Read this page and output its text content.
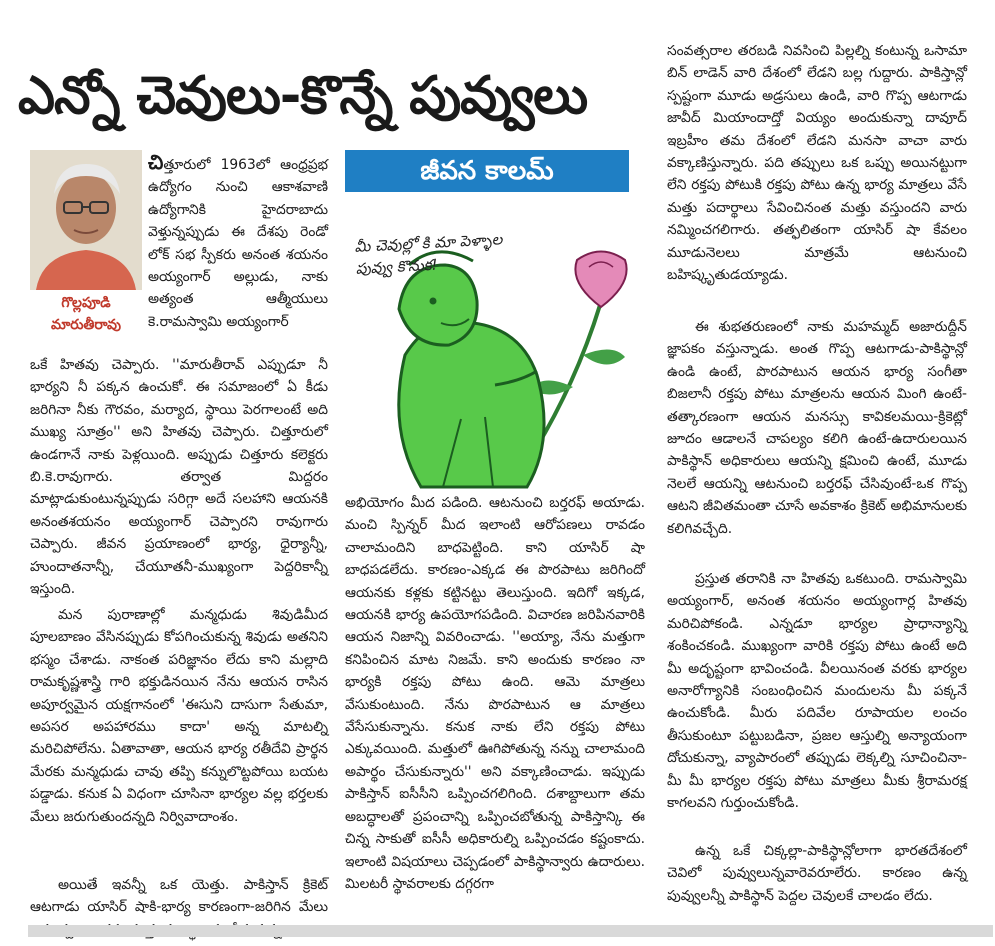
ఎన్నో చెవులు-కొన్నే పువ్వులు
గొల్లపూడి మారుతీరావు
జీవన కాలమ్
మీ చెవుల్లో కి మా పెళ్ళాల పువ్వు కొనుక!
చిత్తూరులో 1963లో ఆంధ్రప్రభ ఉద్యోగం నుంచి ఆకాశవాణి ఉద్యోగానికి హైదరాబాదు వెళ్తున్నప్పుడు ఈ దేశపు రెండో లోక్ సభ స్పీకరు అనంత శయనం అయ్యంగార్ అల్లుడు, నాకు అత్యంత ఆత్మీయులు కె.రామస్వామి అయ్యంగార్
ఒకే హితవు చెప్పారు. ''మారుతీరావ్ ఎప్పుడూ నీ భార్యని నీ పక్కన ఉంచుకో. ఈ సమాజంలో ఏ కీడు జరిగినా నీకు గౌరవం, మర్యాద, స్థాయి పెరగాలంటే అది ముఖ్య సూత్రం'' అని హితవు చెప్పారు. చిత్తూరులో ఉండగానే నాకు పెళ్లయింది. అప్పుడు చిత్తూరు కలెక్టరు బి.కె.రావుగారు. తర్వాత మిద్దరం మాట్లాడుకుంటున్నప్పుడు సరిగ్గా అదే సలహాని ఆయనకి అనంతశయనం అయ్యంగార్ చెప్పారని రావుగారు చెప్పారు. జీవన ప్రయాణంలో భార్య, ధైర్యాన్నీ, హుందాతనాన్నీ, చేయూతనీ-ముఖ్యంగా పెద్దరికాన్నీ ఇస్తుంది.
మన పురాణాల్లో మన్మధుడు శివుడిమీద పూలబాణం వేసినప్పుడు కోపగించుకున్న శివుడు అతనిని భస్మం చేశాడు. నాకంత పరిజ్ఞానం లేదు కాని మల్లాది రామకృష్ణశాస్త్రి గారి భక్తుడినయిన నేను ఆయన రాసిన అపూర్వమైన యక్షగానంలో 'ఈసుని దాసుగా సేతుమా, అపసర అపహారము కాదా' అన్న మాటల్ని మరిచిపోలేను. ఏతావాతా, ఆయన భార్య రతీదేవి ప్రార్థన మేరకు మన్మధుడు చావు తప్పి కన్నులొట్టపోయి బయట పడ్డాడు. కనుక ఏ విధంగా చూసినా భార్యల వల్ల భర్తలకు మేలు జరుగుతుందన్నది నిర్వివాదాంశం.
అయితే ఇవన్నీ ఒక యెత్తు. పాకిస్తాన్ క్రికెట్ ఆటగాడు యాసిర్ షాకి-భార్య కారణంగా-జరిగిన మేలు
అభియోగం మీద పడింది. ఆటనుంచి బర్తరఫ్ అయాడు. మంచి స్పిన్నర్ మీద ఇలాంటి ఆరోపణలు రావడం చాలామందిని బాధపెట్టింది. కాని యాసిర్ షా బాధపడలేదు. కారణం-ఎక్కడ ఈ పొరపాటు జరిగిందో ఆయనకు కళ్లకు కట్టినట్టు తెలుస్తుంది. ఇదిగో ఇక్కడ, ఆయనకి భార్య ఉపయోగపడింది. విచారణ జరిపినవారికి ఆయన నిజాన్ని వివరించాడు. ''అయ్యా, నేను మత్తుగా కనిపించిన మాట నిజమే. కాని అందుకు కారణం నా భార్యకి రక్తపు పోటు ఉంది. ఆమె మాత్రలు వేసుకుంటుంది. నేను పొరపాటున ఆ మాత్రలు వేసేసుకున్నాను. కనుక నాకు లేని రక్తపు పోటు ఎక్కువయింది. మత్తులో ఊగిపోతున్న నన్ను చాలామంది అపార్థం చేసుకున్నారు'' అని వక్కాణించాడు. ఇప్పుడు పాకిస్తాన్ ఐసీసీని ఒప్పించగలిగింది. దశాబ్దాలుగా తమ అబద్ధాలతో ప్రపంచాన్ని ఒప్పించబోతున్న పాకిస్తాన్కి ఈ చిన్న సాకుతో ఐసీసీ అధికారుల్ని ఒప్పించడం కష్టంకాదు. ఇలాంటి విషయాలు చెప్పడంలో పాకిస్థాన్వారు ఉదారులు. మిలటరీ స్థావరాలకు దగ్గరగా
సంవత్సరాల తరబడి నివసించి పిల్లల్ని కంటున్న ఒసామా బిన్ లాడెన్ వారి దేశంలో లేడని బల్ల గుద్దారు. పాకిస్తాన్లో స్పష్టంగా మూడు అడ్రసులు ఉండి, వారి గొప్ప ఆటగాడు జావీద్ మియాందాద్తో వియ్యం అందుకున్నా దావూద్ ఇబ్రహీం తమ దేశంలో లేడని మనసా వాచా వారు వక్కాణిస్తున్నారు. పది తప్పులు ఒక ఒప్పు అయినట్టుగా లేని రక్తపు పోటుకి రక్తపు పోటు ఉన్న భార్య మాత్రలు వేసే మత్తు పదార్థాలు సేవించినంత మత్తు వస్తుందని వారు నమ్మించగలిగారు. తత్ఫలితంగా యాసిర్ షా కేవలం మూడునెలలు మాత్రమే ఆటనుంచి బహిష్కృతుడయ్యాడు.
ఈ శుభతరుణంలో నాకు మహమ్మద్ అజారుద్దీన్ జ్ఞాపకం వస్తున్నాడు. అంత గొప్ప ఆటగాడు-పాకిస్థాన్లో ఉండి ఉంటే, పొరపాటున ఆయన భార్య సంగీతా బిజలానీ రక్తపు పోటు మాత్రలను ఆయన మింగి ఉంటే-తత్కారణంగా ఆయన మనస్సు కావికలమయి-క్రికెట్లో జూదం ఆడాలనే చాపల్యం కలిగి ఉంటే-ఉదారులయిన పాకిస్థాన్ అధికారులు ఆయన్ని క్షమించి ఉంటే, మూడు నెలలే ఆయన్ని ఆటనుంచి బర్తరఫ్ చేసివుంటే-ఒక గొప్ప ఆటని జీవితమంతా చూసే అవకాశం క్రికెట్ అభిమానులకు కలిగివచ్చేది.
ప్రస్తుత తరానికి నా హితవు ఒకటుంది. రామస్వామి అయ్యంగార్, అనంత శయనం అయ్యంగార్ల హితవు మరిచిపోకండి. ఎన్నడూ భార్యల ప్రాధాన్యాన్ని శంకించకండి. ముఖ్యంగా వారికి రక్తపు పోటు ఉంటే అది మీ అదృష్టంగా భావించండి. వీలయినంత వరకు భార్యల అనారోగ్యానికి సంబంధించిన మందులను మీ పక్కనే ఉంచుకోండి. మీరు పదివేల రూపాయల లంచం తీసుకుంటూ పట్టుబడినా, ప్రజల ఆస్తుల్ని అన్యాయంగా దోచుకున్నా, వ్యాపారంలో తప్పుడు లెక్కల్ని సూచించినా- మీ మీ భార్యల రక్తపు పోటు మాత్రలు మీకు శ్రీరామరక్ష కాగలవని గుర్తుంచుకోండి.
ఉన్న ఒకే చిక్కల్లా-పాకిస్థాన్లోలాగా భారతదేశంలో చెవిలో పువ్వులున్నవారెవరూలేరు. కారణం ఉన్న పువ్వులన్నీ పాకిస్థాన్ పెద్దల చెవులకే చాలడం లేదు.
